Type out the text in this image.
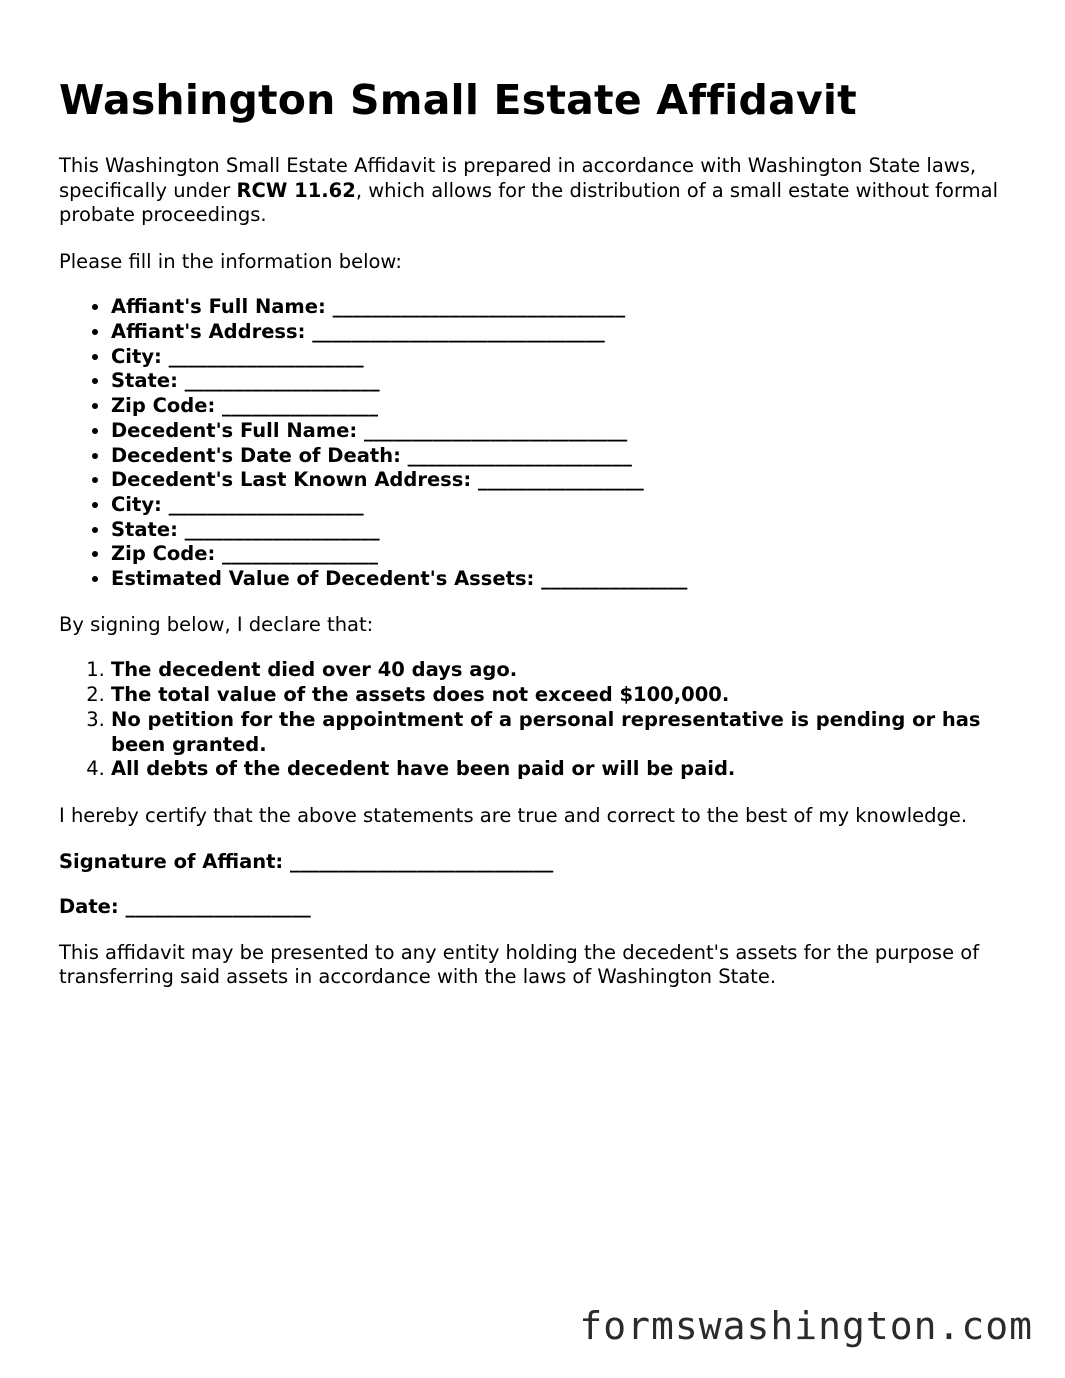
Washington Small Estate Affidavit

This Washington Small Estate Affidavit is prepared in accordance with Washington State laws, specifically under RCW 11.62, which allows for the distribution of a small estate without formal probate proceedings.

Please fill in the information below:

• Affiant's Full Name: ______________________________
• Affiant's Address: ______________________________
• City: ____________________
• State: ____________________
• Zip Code: ________________
• Decedent's Full Name: ___________________________
• Decedent's Date of Death: _______________________
• Decedent's Last Known Address: _________________
• City: ____________________
• State: ____________________
• Zip Code: ________________
• Estimated Value of Decedent's Assets: _______________

By signing below, I declare that:

1. The decedent died over 40 days ago.
2. The total value of the assets does not exceed $100,000.
3. No petition for the appointment of a personal representative is pending or has been granted.
4. All debts of the decedent have been paid or will be paid.

I hereby certify that the above statements are true and correct to the best of my knowledge.

Signature of Affiant: ___________________________

Date: ___________________

This affidavit may be presented to any entity holding the decedent's assets for the purpose of transferring said assets in accordance with the laws of Washington State.

formswashington.com
